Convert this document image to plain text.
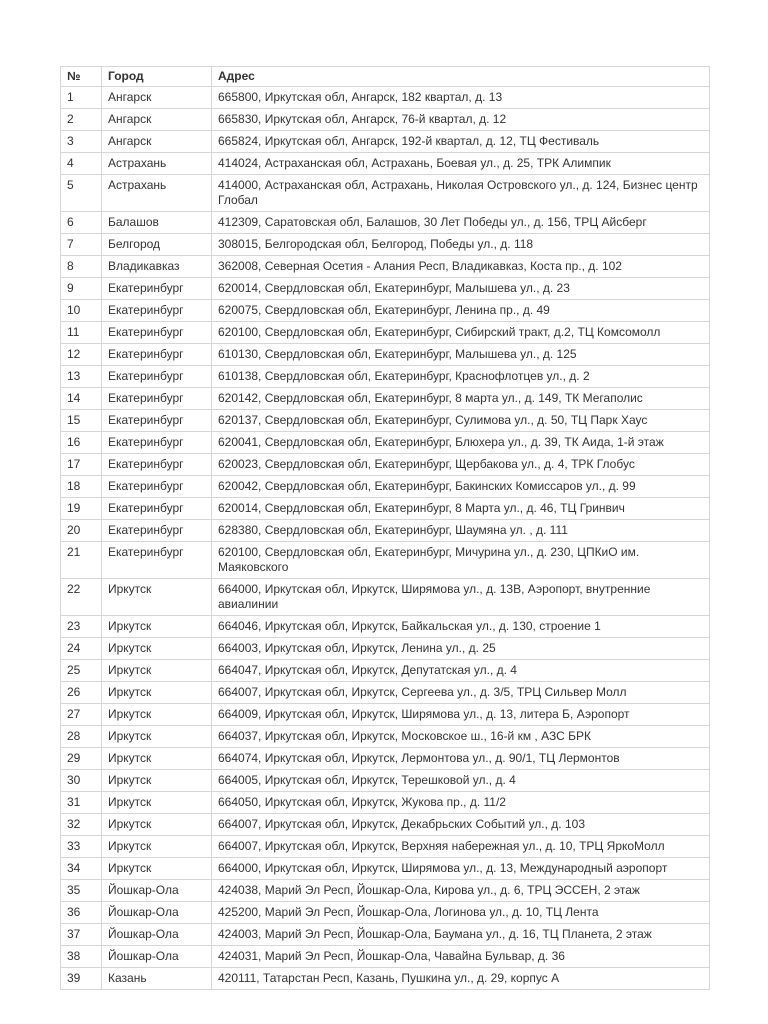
№	Город	Адрес
1	Ангарск	665800, Иркутская обл, Ангарск, 182 квартал, д. 13
2	Ангарск	665830, Иркутская обл, Ангарск, 76-й квартал, д. 12
3	Ангарск	665824, Иркутская обл, Ангарск, 192-й квартал, д. 12, ТЦ Фестиваль
4	Астрахань	414024, Астраханская обл, Астрахань, Боевая ул., д. 25, ТРК Алимпик
5	Астрахань	414000, Астраханская обл, Астрахань, Николая Островского ул., д. 124, Бизнес центр Глобал
6	Балашов	412309, Саратовская обл, Балашов, 30 Лет Победы ул., д. 156, ТРЦ Айсберг
7	Белгород	308015, Белгородская обл, Белгород, Победы ул., д. 118
8	Владикавказ	362008, Северная Осетия - Алания Респ, Владикавказ, Коста пр., д. 102
9	Екатеринбург	620014, Свердловская обл, Екатеринбург, Малышева ул., д. 23
10	Екатеринбург	620075, Свердловская обл, Екатеринбург, Ленина пр., д. 49
11	Екатеринбург	620100, Свердловская обл, Екатеринбург, Сибирский тракт, д.2, ТЦ Комсомолл
12	Екатеринбург	610130, Свердловская обл, Екатеринбург, Малышева ул., д. 125
13	Екатеринбург	610138, Свердловская обл, Екатеринбург, Краснофлотцев ул., д. 2
14	Екатеринбург	620142, Свердловская обл, Екатеринбург, 8 марта ул., д. 149, ТК Мегаполис
15	Екатеринбург	620137, Свердловская обл, Екатеринбург, Сулимова ул., д. 50, ТЦ Парк Хаус
16	Екатеринбург	620041, Свердловская обл, Екатеринбург, Блюхера ул., д. 39, ТК Аида, 1-й этаж
17	Екатеринбург	620023, Свердловская обл, Екатеринбург, Щербакова ул., д. 4, ТРК Глобус
18	Екатеринбург	620042, Свердловская обл, Екатеринбург, Бакинских Комиссаров ул., д. 99
19	Екатеринбург	620014, Свердловская обл, Екатеринбург, 8 Марта ул., д. 46, ТЦ Гринвич
20	Екатеринбург	628380, Свердловская обл, Екатеринбург, Шаумяна ул. , д. 111
21	Екатеринбург	620100, Свердловская обл, Екатеринбург, Мичурина ул., д. 230, ЦПКиО им. Маяковского
22	Иркутск	664000, Иркутская обл, Иркутск, Ширямова ул., д. 13В, Аэропорт, внутренние авиалинии
23	Иркутск	664046, Иркутская обл, Иркутск, Байкальская ул., д. 130, строение 1
24	Иркутск	664003, Иркутская обл, Иркутск, Ленина ул., д. 25
25	Иркутск	664047, Иркутская обл, Иркутск, Депутатская ул., д. 4
26	Иркутск	664007, Иркутская обл, Иркутск, Сергеева ул., д. 3/5, ТРЦ Сильвер Молл
27	Иркутск	664009, Иркутская обл, Иркутск, Ширямова ул., д. 13, литера Б, Аэропорт
28	Иркутск	664037, Иркутская обл, Иркутск, Московское ш., 16-й км , АЗС БРК
29	Иркутск	664074, Иркутская обл, Иркутск, Лермонтова ул., д. 90/1, ТЦ Лермонтов
30	Иркутск	664005, Иркутская обл, Иркутск, Терешковой ул., д. 4
31	Иркутск	664050, Иркутская обл, Иркутск, Жукова пр., д. 11/2
32	Иркутск	664007, Иркутская обл, Иркутск, Декабрьских Событий ул., д. 103
33	Иркутск	664007, Иркутская обл, Иркутск, Верхняя набережная ул., д. 10, ТРЦ ЯркоМолл
34	Иркутск	664000, Иркутская обл, Иркутск, Ширямова ул., д. 13, Международный аэропорт
35	Йошкар-Ола	424038, Марий Эл Респ, Йошкар-Ола, Кирова ул., д. 6, ТРЦ ЭССЕН, 2 этаж
36	Йошкар-Ола	425200, Марий Эл Респ, Йошкар-Ола, Логинова ул., д. 10, ТЦ Лента
37	Йошкар-Ола	424003, Марий Эл Респ, Йошкар-Ола, Баумана ул., д. 16, ТЦ Планета, 2 этаж
38	Йошкар-Ола	424031, Марий Эл Респ, Йошкар-Ола, Чавайна Бульвар, д. 36
39	Казань	420111, Татарстан Респ, Казань, Пушкина ул., д. 29, корпус А
